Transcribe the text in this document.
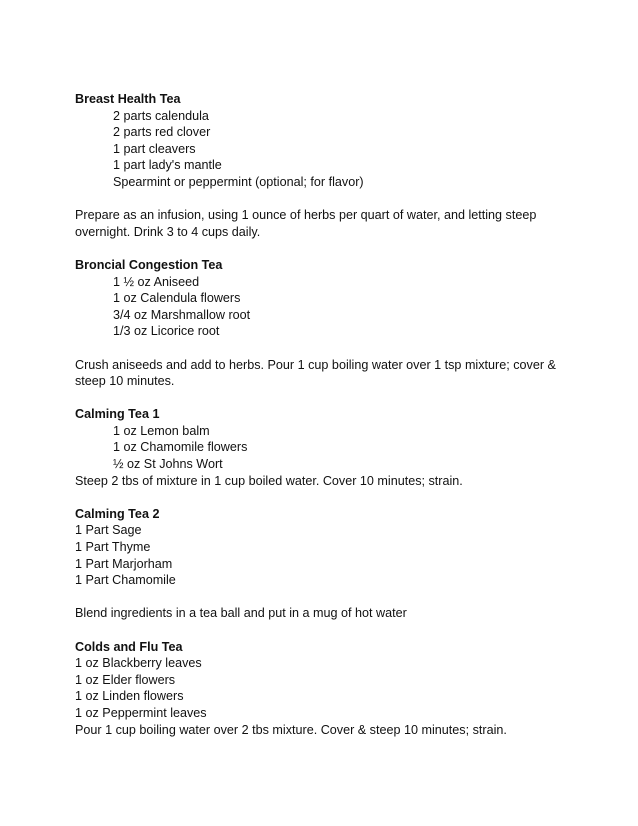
Breast Health Tea

2 parts calendula

2 parts red clover

1 part cleavers

1 part lady's mantle

Spearmint or peppermint (optional; for flavor)

Prepare as an infusion, using 1 ounce of herbs per quart of water, and letting steep overnight. Drink 3 to 4 cups daily.

Broncial Congestion Tea

1 ½ oz Aniseed

1 oz Calendula flowers

3/4 oz Marshmallow root

1/3 oz Licorice root

Crush aniseeds and add to herbs. Pour 1 cup boiling water over 1 tsp mixture; cover & steep 10 minutes.

Calming Tea 1

1 oz Lemon balm

1 oz Chamomile flowers

½ oz St Johns Wort

Steep 2 tbs of mixture in 1 cup boiled water. Cover 10 minutes; strain.

Calming Tea 2

1 Part Sage

1 Part Thyme

1 Part Marjorham

1 Part Chamomile

Blend ingredients in a tea ball and put in a mug of hot water

Colds and Flu Tea

1 oz Blackberry leaves

1 oz Elder flowers

1 oz Linden flowers

1 oz Peppermint leaves

Pour 1 cup boiling water over 2 tbs mixture. Cover & steep 10 minutes; strain.
